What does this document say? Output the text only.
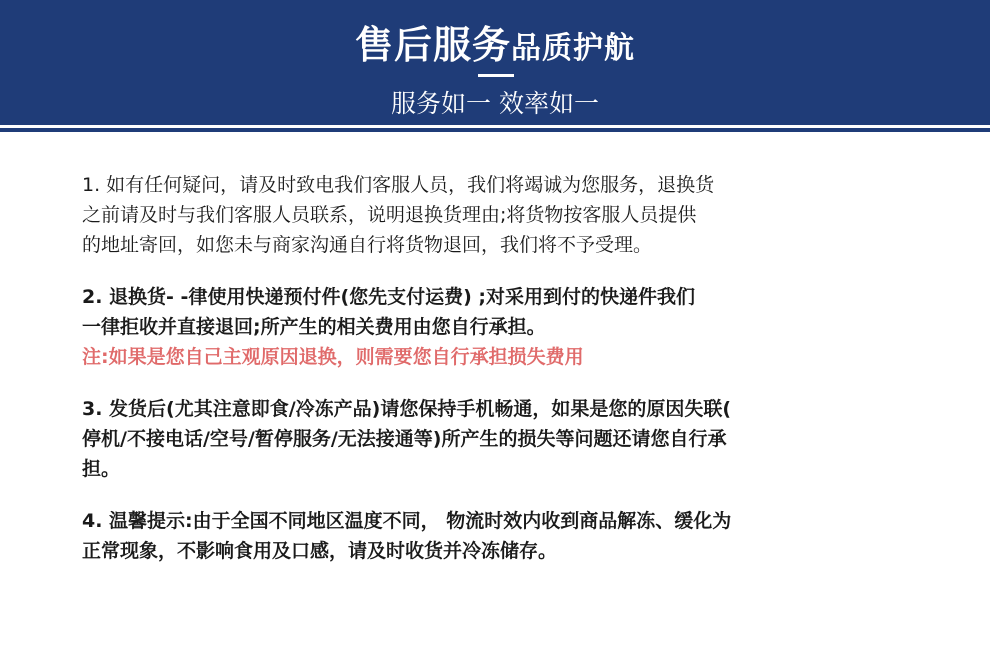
售后服务品质护航
服务如一 效率如一
1. 如有任何疑问，请及时致电我们客服人员，我们将竭诚为您服务，退换货
之前请及时与我们客服人员联系，说明退换货理由;将货物按客服人员提供
的地址寄回，如您未与商家沟通自行将货物退回，我们将不予受理。
2. 退换货- -律使用快递预付件(您先支付运费) ;对采用到付的快递件我们
一律拒收并直接退回;所产生的相关费用由您自行承担。
注:如果是您自己主观原因退换，则需要您自行承担损失费用
3. 发货后(尤其注意即食/冷冻产品)请您保持手机畅通，如果是您的原因失联(
停机/不接电话/空号/暂停服务/无法接通等)所产生的损失等问题还请您自行承
担。
4. 温馨提示:由于全国不同地区温度不同， 物流时效内收到商品解冻、缓化为
正常现象，不影响食用及口感，请及时收货并冷冻储存。
